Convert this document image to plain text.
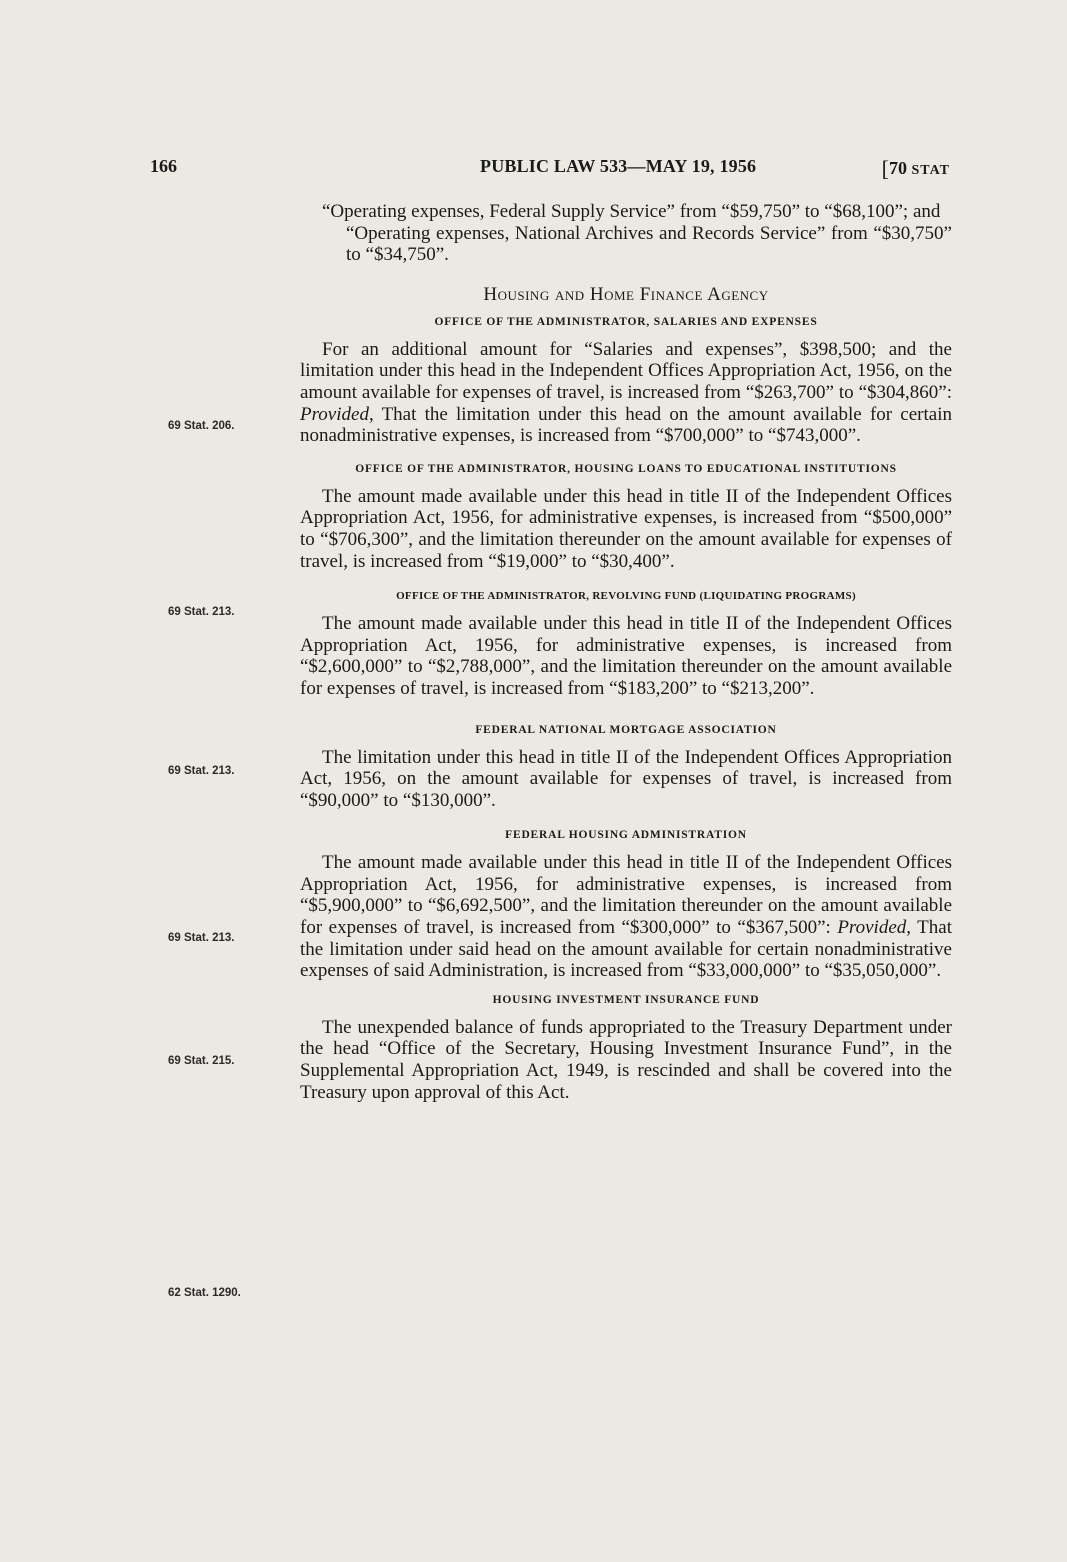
166	PUBLIC LAW 533—MAY 19, 1956	[70 STAT
69 Stat. 206.
69 Stat. 213.
69 Stat. 213.
69 Stat. 213.
69 Stat. 215.
62 Stat. 1290.

“Operating expenses, Federal Supply Service” from “$59,750” to “$68,100”; and

“Operating expenses, National Archives and Records Service” from “$30,750” to “$34,750”.

Housing and Home Finance Agency
OFFICE OF THE ADMINISTRATOR, SALARIES AND EXPENSES

For an additional amount for “Salaries and expenses”, $398,500; and the limitation under this head in the Independent Offices Appropriation Act, 1956, on the amount available for expenses of travel, is increased from “$263,700” to “$304,860”: Provided, That the limitation under this head on the amount available for certain nonadministrative expenses, is increased from “$700,000” to “$743,000”.

OFFICE OF THE ADMINISTRATOR, HOUSING LOANS TO EDUCATIONAL INSTITUTIONS

The amount made available under this head in title II of the Independent Offices Appropriation Act, 1956, for administrative expenses, is increased from “$500,000” to “$706,300”, and the limitation thereunder on the amount available for expenses of travel, is increased from “$19,000” to “$30,400”.

OFFICE OF THE ADMINISTRATOR, REVOLVING FUND (LIQUIDATING PROGRAMS)

The amount made available under this head in title II of the Independent Offices Appropriation Act, 1956, for administrative expenses, is increased from “$2,600,000” to “$2,788,000”, and the limitation thereunder on the amount available for expenses of travel, is increased from “$183,200” to “$213,200”.

FEDERAL NATIONAL MORTGAGE ASSOCIATION

The limitation under this head in title II of the Independent Offices Appropriation Act, 1956, on the amount available for expenses of travel, is increased from “$90,000” to “$130,000”.

FEDERAL HOUSING ADMINISTRATION

The amount made available under this head in title II of the Independent Offices Appropriation Act, 1956, for administrative expenses, is increased from “$5,900,000” to “$6,692,500”, and the limitation thereunder on the amount available for expenses of travel, is increased from “$300,000” to “$367,500”: Provided, That the limitation under said head on the amount available for certain nonadministrative expenses of said Administration, is increased from “$33,000,000” to “$35,050,000”.

HOUSING INVESTMENT INSURANCE FUND

The unexpended balance of funds appropriated to the Treasury Department under the head “Office of the Secretary, Housing Investment Insurance Fund”, in the Supplemental Appropriation Act, 1949, is rescinded and shall be covered into the Treasury upon approval of this Act.
